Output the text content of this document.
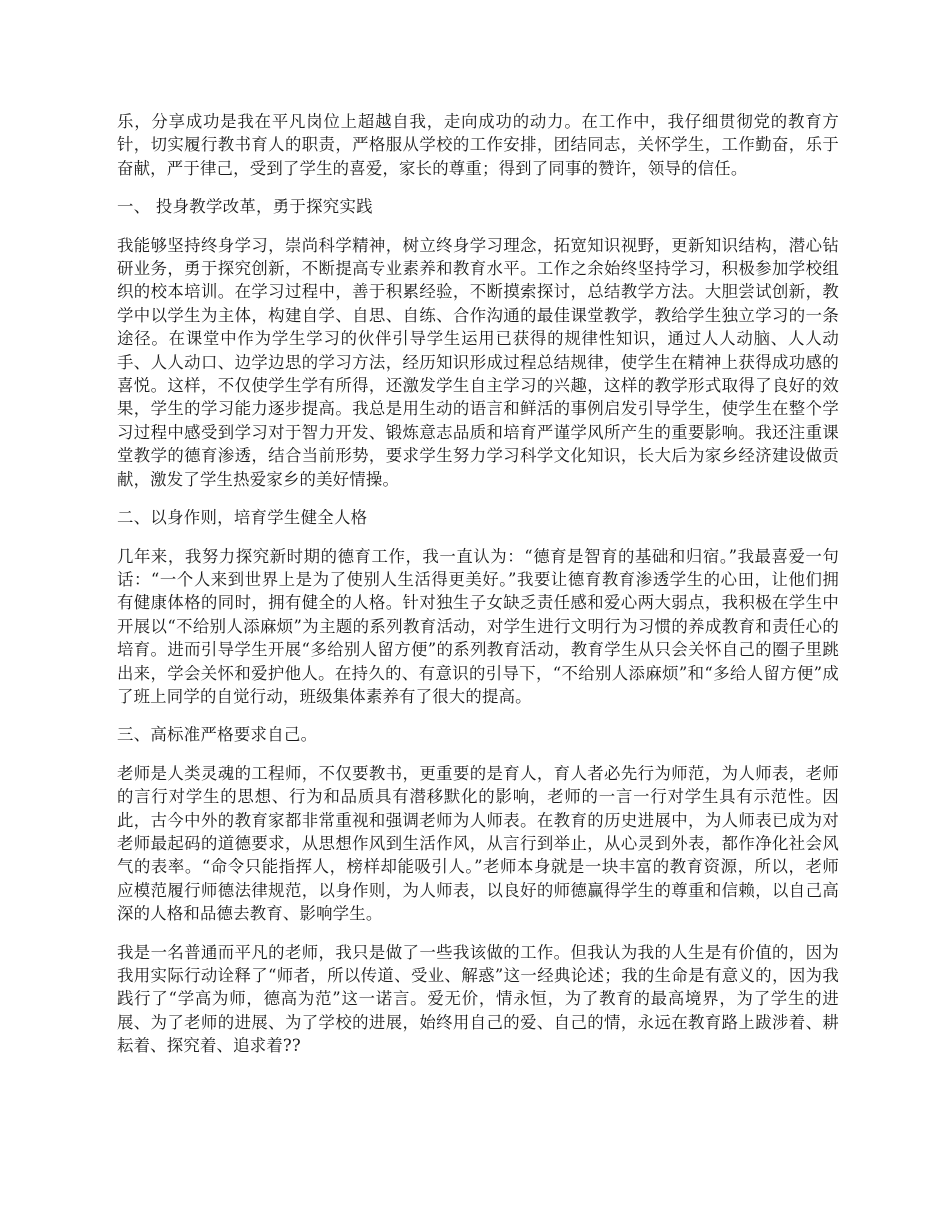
乐，分享成功是我在平凡岗位上超越自我，走向成功的动力。在工作中，我仔细贯彻党的教育方针，切实履行教书育人的职责，严格服从学校的工作安排，团结同志，关怀学生，工作勤奋，乐于奋献，严于律己，受到了学生的喜爱，家长的尊重；得到了同事的赞许，领导的信任。

一、 投身教学改革，勇于探究实践

我能够坚持终身学习，崇尚科学精神，树立终身学习理念，拓宽知识视野，更新知识结构，潜心钻研业务，勇于探究创新，不断提高专业素养和教育水平。工作之余始终坚持学习，积极参加学校组织的校本培训。在学习过程中，善于积累经验，不断摸索探讨，总结教学方法。大胆尝试创新，教学中以学生为主体，构建自学、自思、自练、合作沟通的最佳课堂教学，教给学生独立学习的一条途径。在课堂中作为学生学习的伙伴引导学生运用已获得的规律性知识，通过人人动脑、人人动手、人人动口、边学边思的学习方法，经历知识形成过程总结规律，使学生在精神上获得成功感的喜悦。这样，不仅使学生学有所得，还激发学生自主学习的兴趣，这样的教学形式取得了良好的效果，学生的学习能力逐步提高。我总是用生动的语言和鲜活的事例启发引导学生，使学生在整个学习过程中感受到学习对于智力开发、锻炼意志品质和培育严谨学风所产生的重要影响。我还注重课堂教学的德育渗透，结合当前形势，要求学生努力学习科学文化知识，长大后为家乡经济建设做贡献，激发了学生热爱家乡的美好情操。

二、以身作则，培育学生健全人格

几年来，我努力探究新时期的德育工作，我一直认为：“德育是智育的基础和归宿。”我最喜爱一句话：“一个人来到世界上是为了使别人生活得更美好。”我要让德育教育渗透学生的心田，让他们拥有健康体格的同时，拥有健全的人格。针对独生子女缺乏责任感和爱心两大弱点，我积极在学生中开展以“不给别人添麻烦”为主题的系列教育活动，对学生进行文明行为习惯的养成教育和责任心的培育。进而引导学生开展“多给别人留方便”的系列教育活动，教育学生从只会关怀自己的圈子里跳出来，学会关怀和爱护他人。在持久的、有意识的引导下，“不给别人添麻烦”和“多给人留方便”成了班上同学的自觉行动，班级集体素养有了很大的提高。

三、高标准严格要求自己。

老师是人类灵魂的工程师，不仅要教书，更重要的是育人，育人者必先行为师范，为人师表，老师的言行对学生的思想、行为和品质具有潜移默化的影响，老师的一言一行对学生具有示范性。因此，古今中外的教育家都非常重视和强调老师为人师表。在教育的历史进展中，为人师表已成为对老师最起码的道德要求，从思想作风到生活作风，从言行到举止，从心灵到外表，都作净化社会风气的表率。“命令只能指挥人，榜样却能吸引人。”老师本身就是一块丰富的教育资源，所以，老师应模范履行师德法律规范，以身作则，为人师表，以良好的师德赢得学生的尊重和信赖，以自己高深的人格和品德去教育、影响学生。

我是一名普通而平凡的老师，我只是做了一些我该做的工作。但我认为我的人生是有价值的，因为我用实际行动诠释了“师者，所以传道、受业、解惑”这一经典论述；我的生命是有意义的，因为我践行了“学高为师，德高为范”这一诺言。爱无价，情永恒，为了教育的最高境界，为了学生的进展、为了老师的进展、为了学校的进展，始终用自己的爱、自己的情，永远在教育路上跋涉着、耕耘着、探究着、追求着??
